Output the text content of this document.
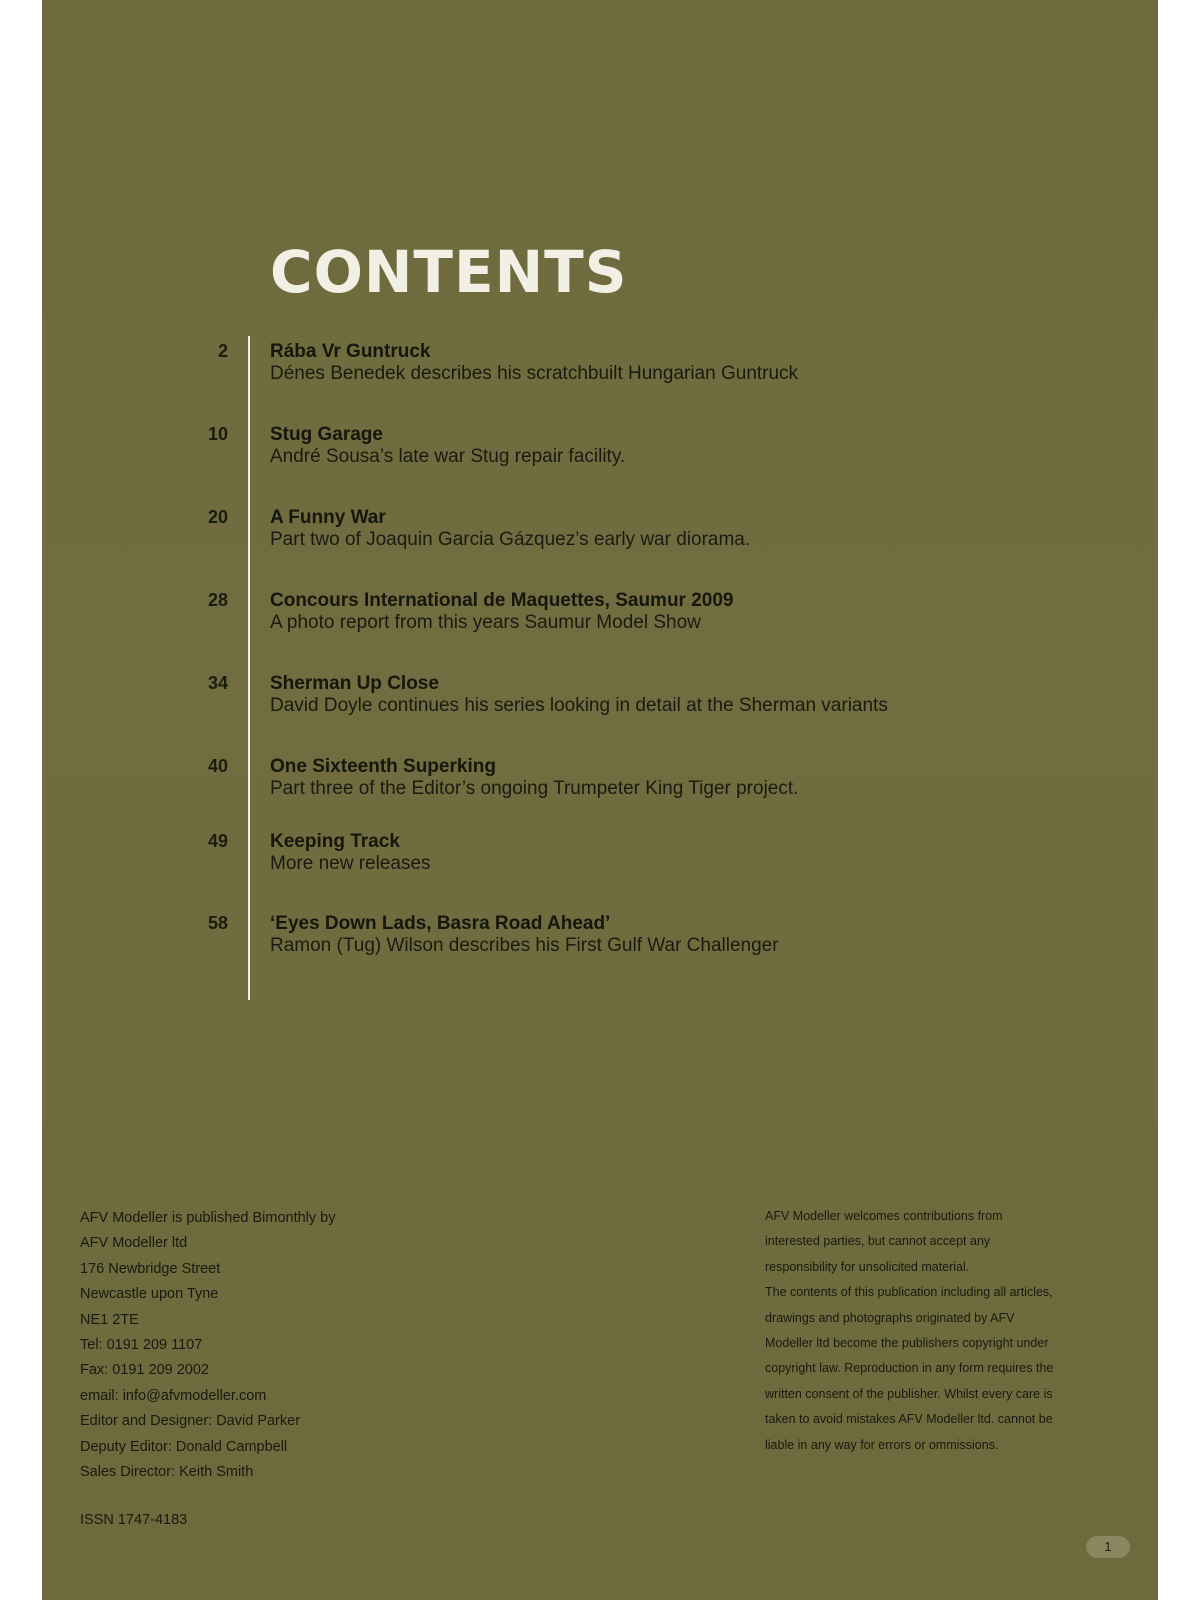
CONTENTS
2 Rába Vr Guntruck
Dénes Benedek describes his scratchbuilt Hungarian Guntruck
10 Stug Garage
André Sousa’s late war Stug repair facility.
20 A Funny War
Part two of Joaquin Garcia Gázquez’s early war diorama.
28 Concours International de Maquettes, Saumur 2009
A photo report from this years Saumur Model Show
34 Sherman Up Close
David Doyle continues his series looking in detail at the Sherman variants
40 One Sixteenth Superking
Part three of the Editor’s ongoing Trumpeter King Tiger project.
49 Keeping Track
More new releases
58 ‘Eyes Down Lads, Basra Road Ahead’
Ramon (Tug) Wilson describes his First Gulf War Challenger
AFV Modeller is published Bimonthly by
AFV Modeller ltd
176 Newbridge Street
Newcastle upon Tyne
NE1 2TE
Tel: 0191 209 1107
Fax: 0191 209 2002
email: info@afvmodeller.com
Editor and Designer: David Parker
Deputy Editor: Donald Campbell
Sales Director: Keith Smith
ISSN 1747-4183
AFV Modeller welcomes contributions from
interested parties, but cannot accept any
responsibility for unsolicited material.
The contents of this publication including all articles,
drawings and photographs originated by AFV
Modeller ltd become the publishers copyright under
copyright law. Reproduction in any form requires the
written consent of the publisher. Whilst every care is
taken to avoid mistakes AFV Modeller ltd. cannot be
liable in any way for errors or ommissions.
1
